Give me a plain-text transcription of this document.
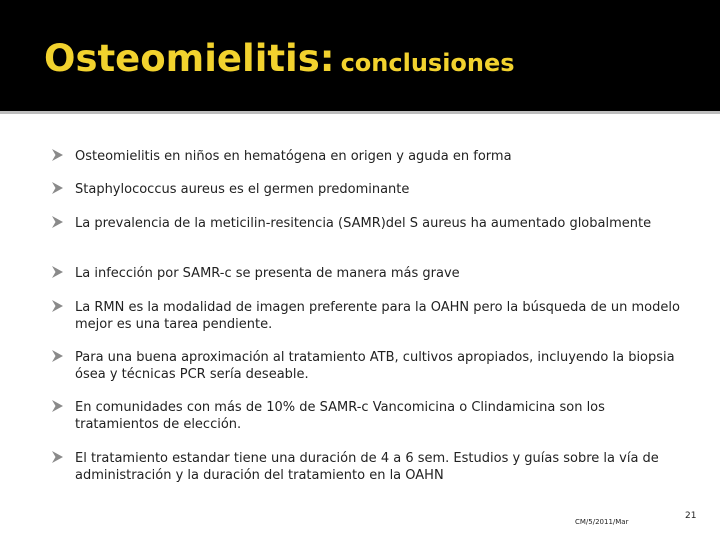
Osteomielitis: conclusiones
Osteomielitis en niños en hematógena en origen y aguda en forma
Staphylococcus aureus es el germen predominante
La prevalencia de la meticilin-resitencia (SAMR)del S aureus ha aumentado globalmente
La infección por SAMR-c se presenta de manera más grave
La RMN es la modalidad de imagen preferente para la OAHN pero la búsqueda de un modelo mejor es una tarea pendiente.
Para una buena aproximación al tratamiento ATB, cultivos apropiados, incluyendo la biopsia ósea y técnicas PCR sería deseable.
En comunidades con más de 10% de SAMR-c Vancomicina o Clindamicina son los tratamientos de elección.
El tratamiento estandar tiene una duración de 4 a 6 sem. Estudios y guías sobre la vía de administración y la duración del tratamiento en la OAHN
CM/5/2011/Mar
21
